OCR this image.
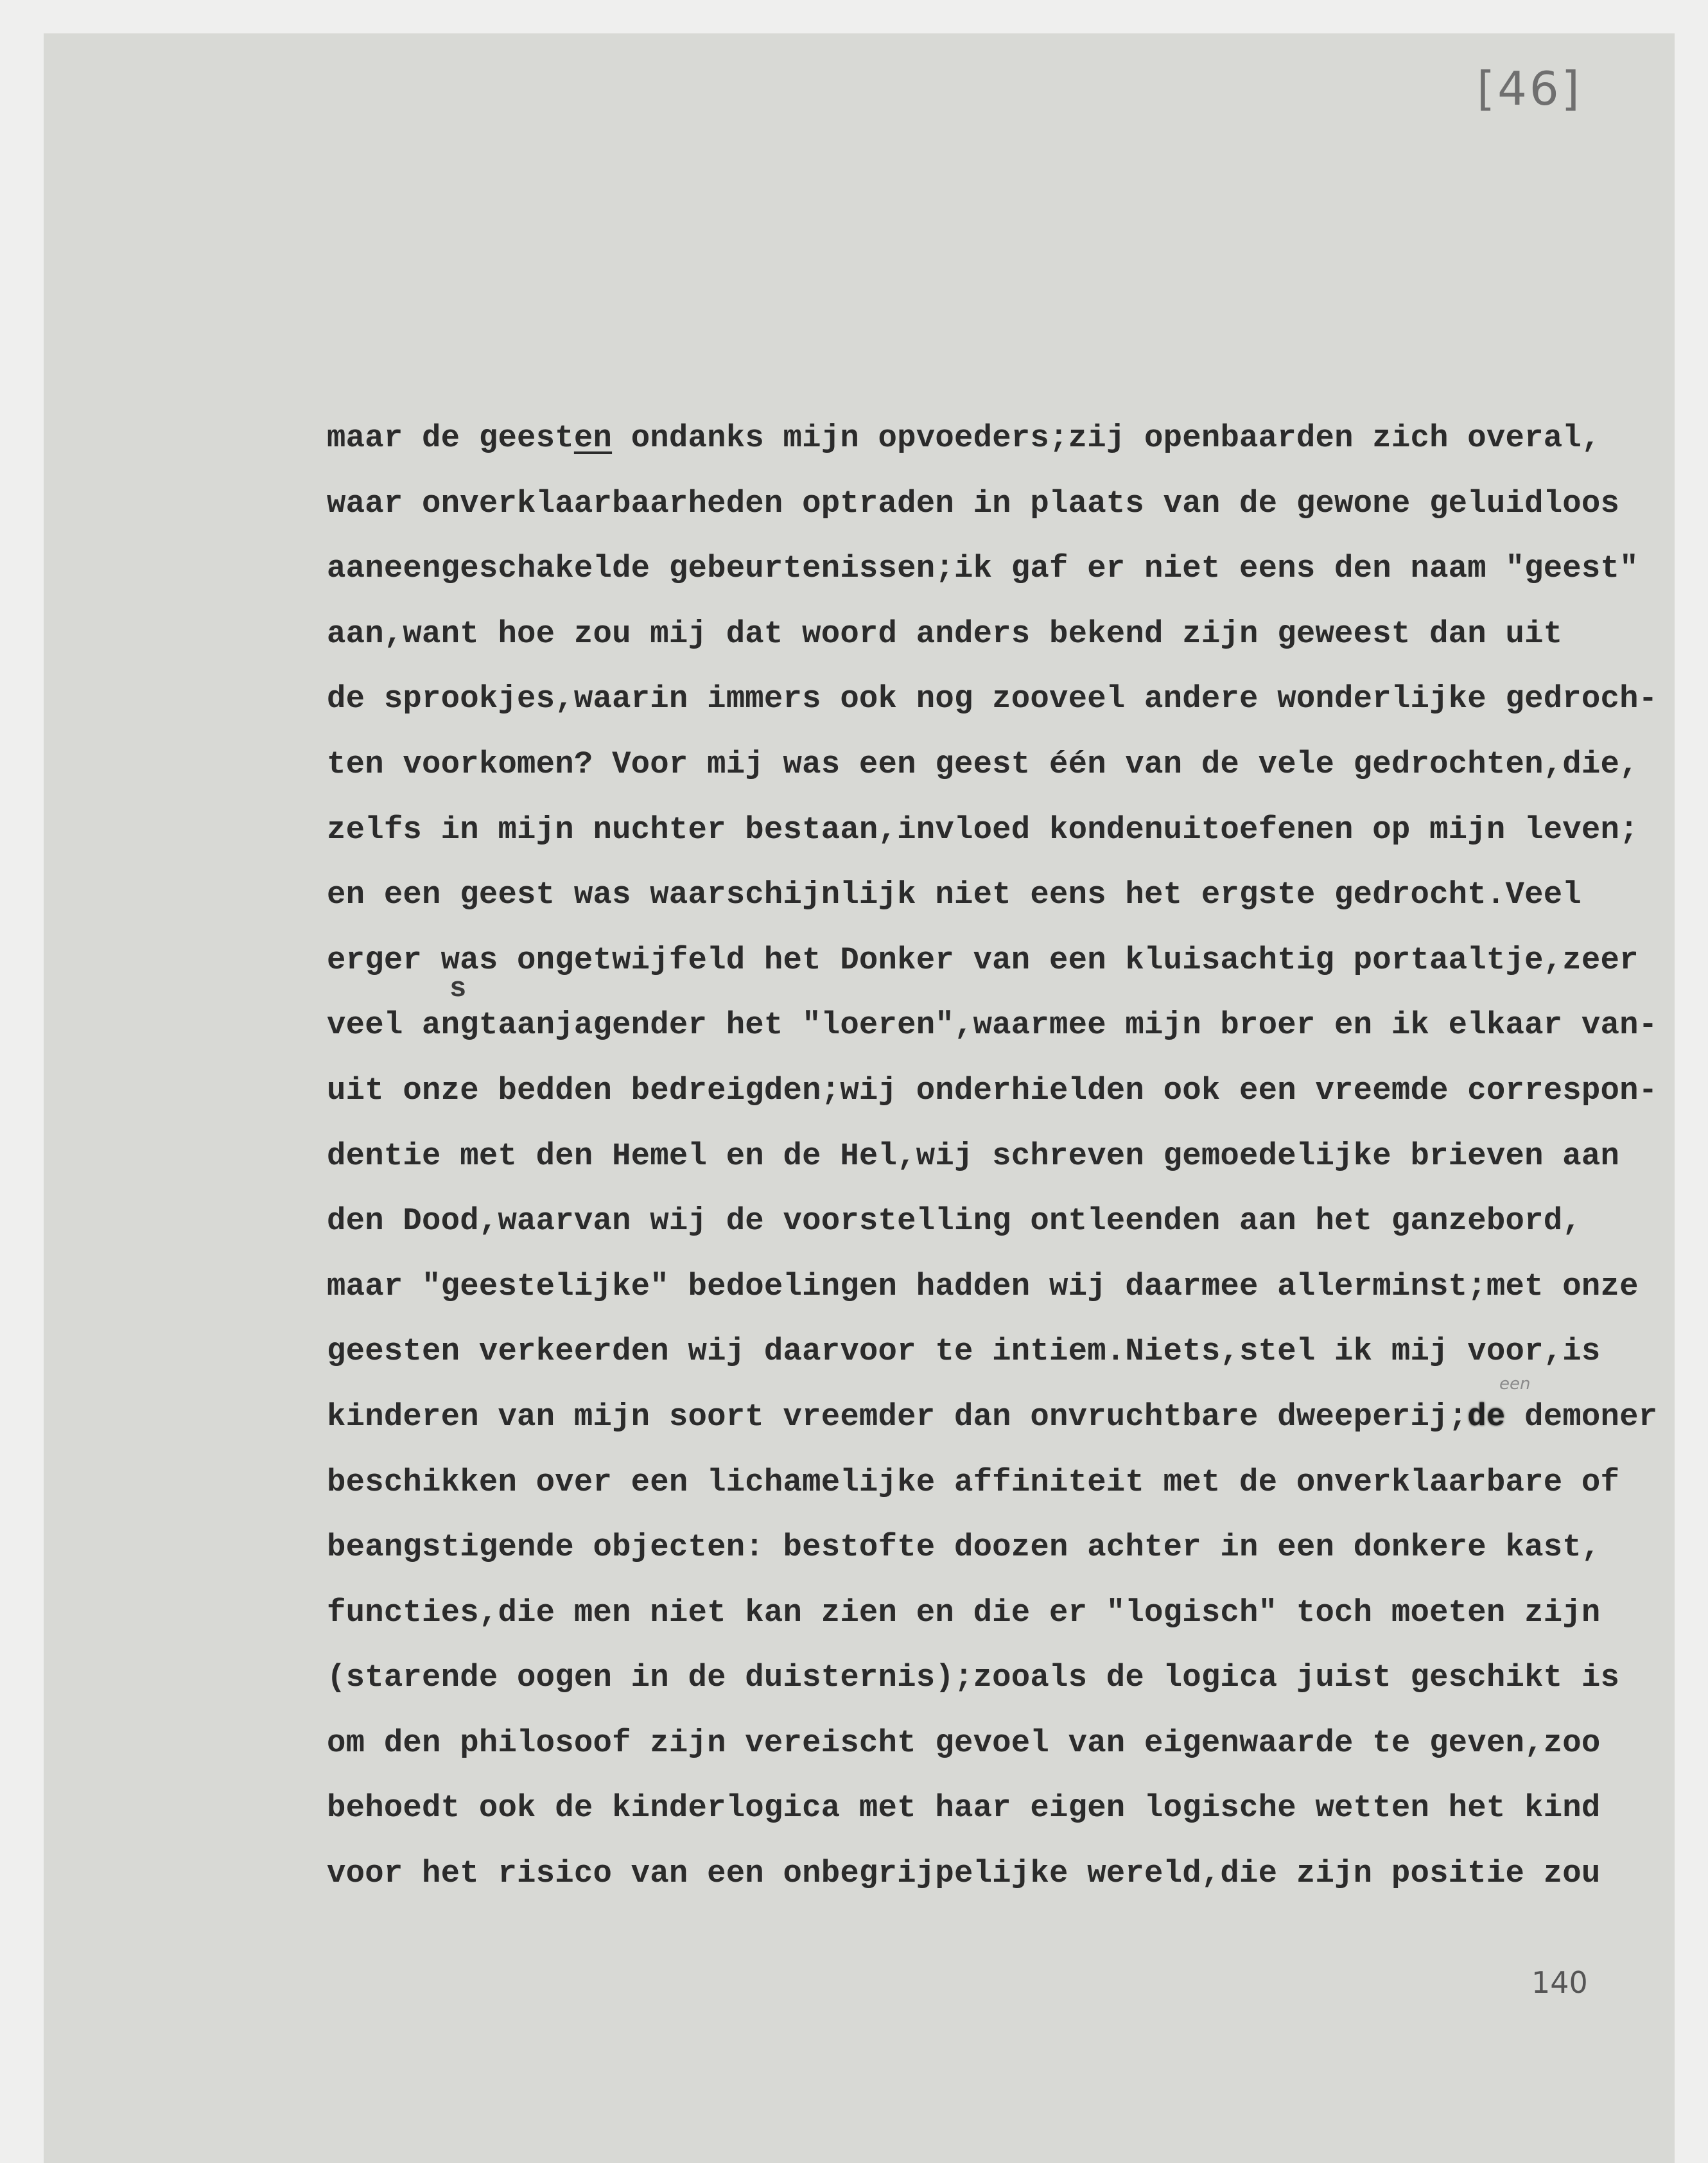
[46]
maar de geesten ondanks mijn opvoeders;zij openbaarden zich overal,
waar onverklaarbaarheden optraden in plaats van de gewone geluidloos
aaneengeschakelde gebeurtenissen;ik gaf er niet eens den naam "geest"
aan,want hoe zou mij dat woord anders bekend zijn geweest dan uit
de sprookjes,waarin immers ook nog zooveel andere wonderlijke gedroch-
ten voorkomen? Voor mij was een geest één van de vele gedrochten,die,
zelfs in mijn nuchter bestaan,invloed kondenuitoefenen op mijn leven;
en een geest was waarschijnlijk niet eens het ergste gedrocht.Veel
erger was ongetwijfeld het Donker van een kluisachtig portaaltje,zeer
veel angtaanjagender het "loeren",waarmee mijn broer en ik elkaar van-
uit onze bedden bedreigden;wij onderhielden ook een vreemde correspon-
dentie met den Hemel en de Hel,wij schreven gemoedelijke brieven aan
den Dood,waarvan wij de voorstelling ontleenden aan het ganzebord,
maar "geestelijke" bedoelingen hadden wij daarmee allerminst;met onze
geesten verkeerden wij daarvoor te intiem.Niets,stel ik mij voor,is
kinderen van mijn soort vreemder dan onvruchtbare dweeperij;de demoner
beschikken over een lichamelijke affiniteit met de onverklaarbare of
beangstigende objecten: bestofte doozen achter in een donkere kast,
functies,die men niet kan zien en die er "logisch" toch moeten zijn
(starende oogen in de duisternis);zooals de logica juist geschikt is
om den philosoof zijn vereischt gevoel van eigenwaarde te geven,zoo
behoedt ook de kinderlogica met haar eigen logische wetten het kind
voor het risico van een onbegrijpelijke wereld,die zijn positie zou
s
een
140
